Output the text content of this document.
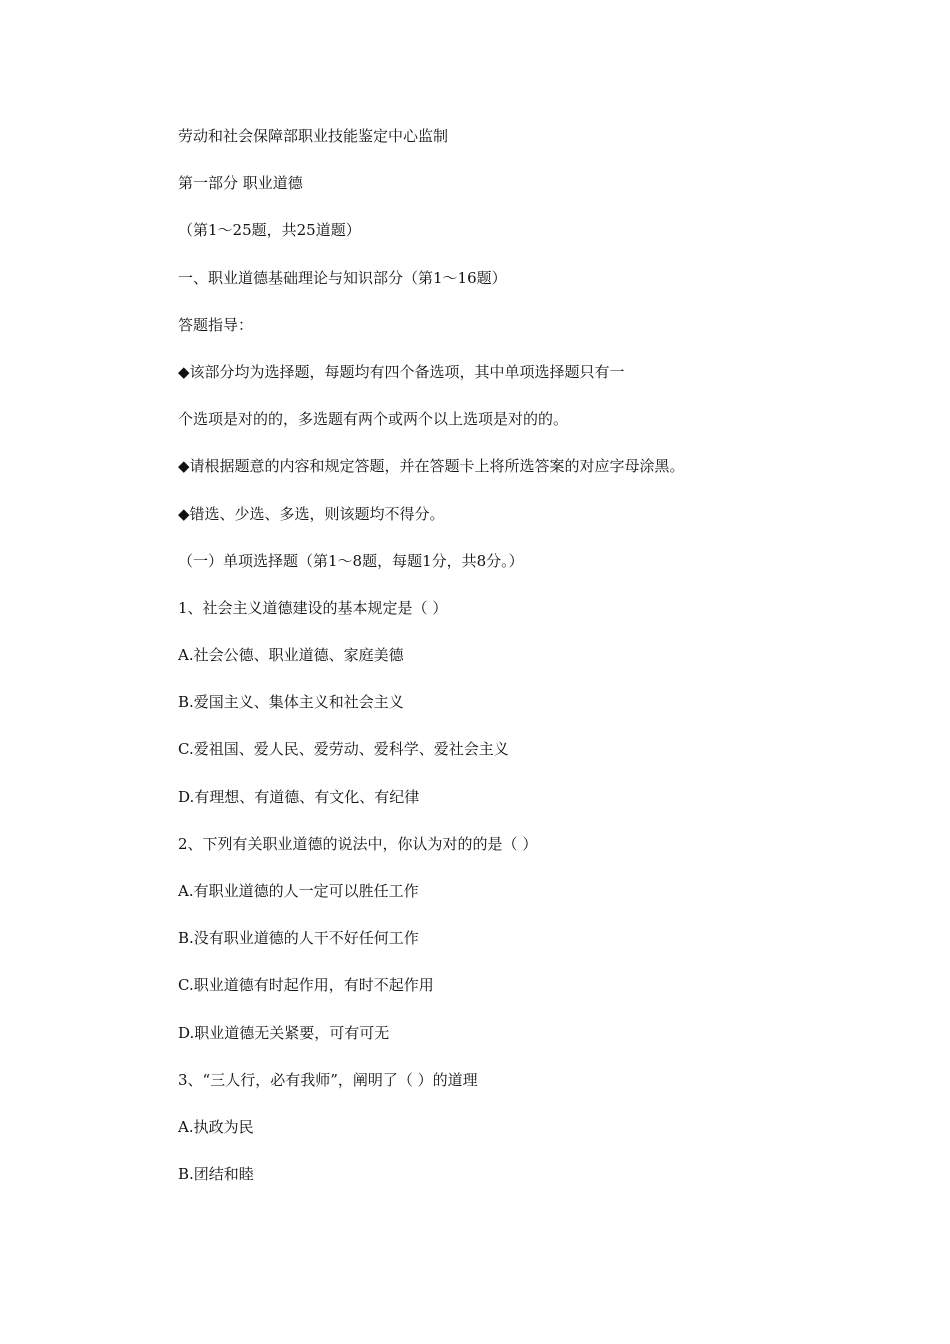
劳动和社会保障部职业技能鉴定中心监制
第一部分 职业道德
（第1～25题，共25道题）
一、职业道德基础理论与知识部分（第1～16题）
答题指导：
◆该部分均为选择题，每题均有四个备选项，其中单项选择题只有一
个选项是对的的，多选题有两个或两个以上选项是对的的。
◆请根据题意的内容和规定答题，并在答题卡上将所选答案的对应字母涂黑。
◆错选、少选、多选，则该题均不得分。
（一）单项选择题（第1～8题，每题1分，共8分。）
1、社会主义道德建设的基本规定是（ ）
A.社会公德、职业道德、家庭美德
B.爱国主义、集体主义和社会主义
C.爱祖国、爱人民、爱劳动、爱科学、爱社会主义
D.有理想、有道德、有文化、有纪律
2、下列有关职业道德的说法中，你认为对的的是（ ）
A.有职业道德的人一定可以胜任工作
B.没有职业道德的人干不好任何工作
C.职业道德有时起作用，有时不起作用
D.职业道德无关紧要，可有可无
3、“三人行，必有我师”，阐明了（ ）的道理
A.执政为民
B.团结和睦
